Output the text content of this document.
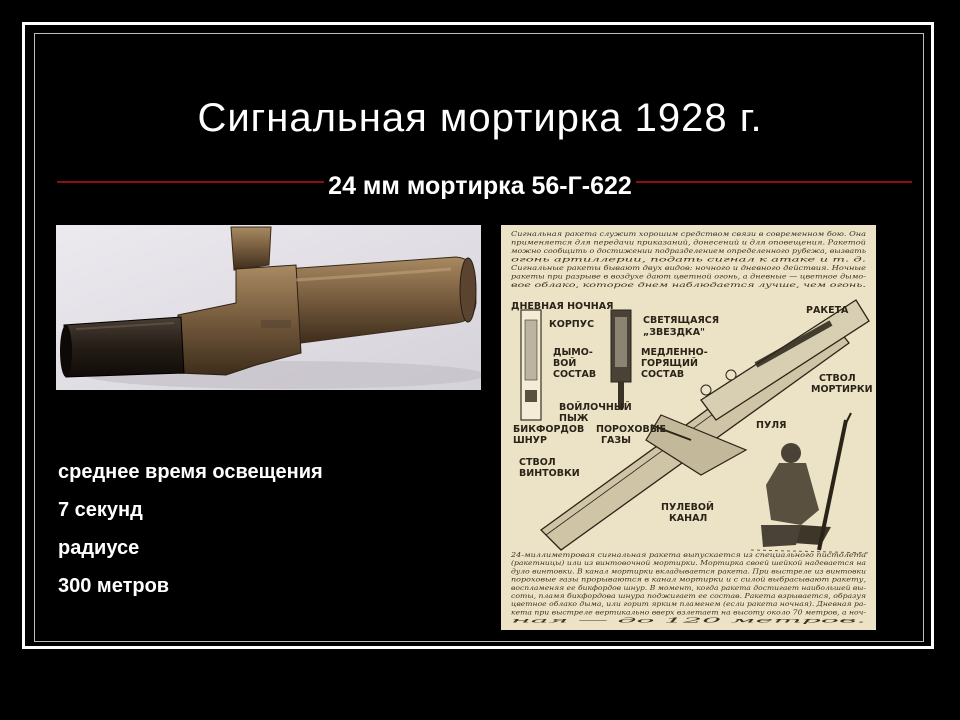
Сигнальная мортирка 1928 г.
24 мм мортирка 56-Г-622
Сигнальная ракета служит хорошим средством связи в современном бою. Она
применяется для передачи приказаний, донесений и для оповещения. Ракетой
можно сообщить о достижении подразделением определенного рубежа, вызвать
огонь артиллерии, подать сигнал к атаке и т. д.
Сигнальные ракеты бывают двух видов: ночного и дневного действия. Ночные
ракеты при разрыве в воздухе дают цветной огонь, а дневные — цветное дымо-
вое облако, которое днем наблюдается лучше, чем огонь.
ДНЕВНАЯ НОЧНАЯ
КОРПУС	СВЕТЯЩАЯСЯ
„ЗВЕЗДКА"
ДЫМО-
ВОЙ
СОСТАВ
МЕДЛЕННО-
ГОРЯЩИЙ
СОСТАВ
РАКЕТА
СТВОЛ
МОРТИРКИ
ВОЙЛОЧНЫЙ
ПЫЖ
БИКФОРДОВ
ШНУР
ПОРОХОВЫЕ
ГАЗЫ
ПУЛЯ
СТВОЛ
ВИНТОВКИ
ПУЛЕВОЙ
КАНАЛ
24-миллиметровая сигнальная ракета выпускается из специального пистолета
(ракетницы) или из винтовочной мортирки. Мортирка своей шейкой надевается на
дуло винтовки. В канал мортирки вкладывается ракета. При выстреле из винтовки
пороховые газы прорываются в канал мортирки и с силой выбрасывают ракету,
воспламеняя ее бикфордов шнур. В момент, когда ракета достигает наибольшей вы-
соты, пламя бикфордова шнура поджигает ее состав. Ракета взрывается, образуя
цветное облако дыма, или горит ярким пламенем (если ракета ночная). Дневная ра-
кета при выстреле вертикально вверх взлетает на высоту около 70 метров, а ноч-
ная — до 120 метров.
среднее время освещения
7 секунд
радиусе
300 метров
